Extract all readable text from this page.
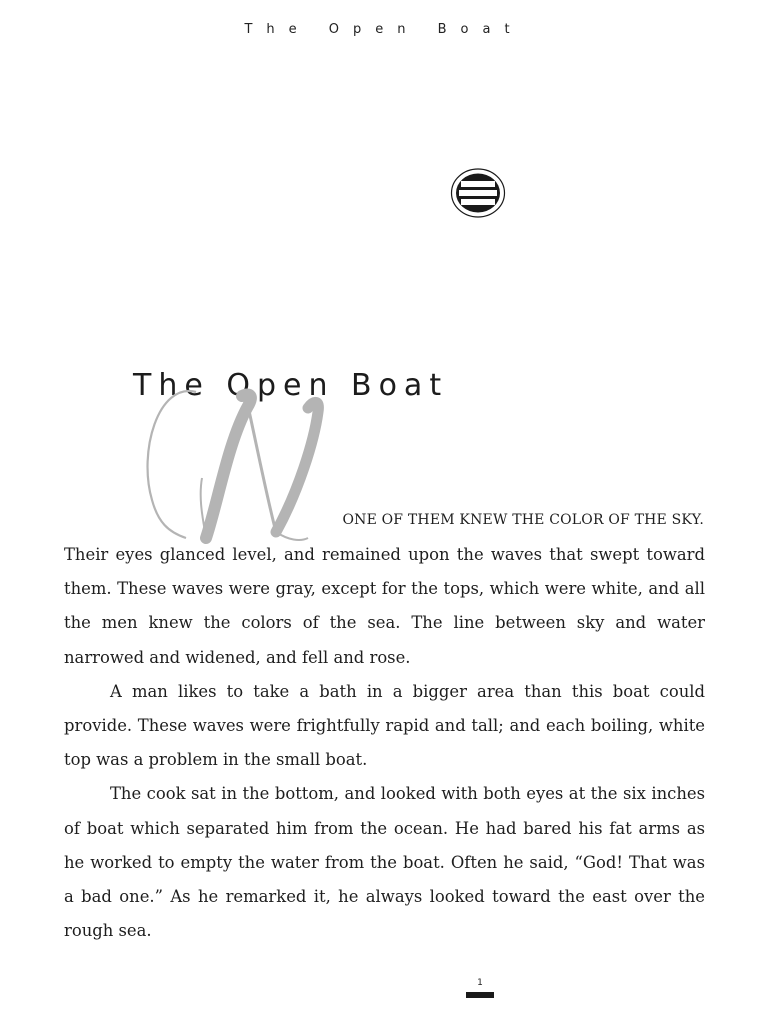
The Open Boat
The Open Boat
ONE OF THEM KNEW THE COLOR OF THE SKY.

Their eyes glanced level, and remained upon the waves that swept toward them. These waves were gray, except for the tops, which were white, and all the men knew the colors of the sea. The line between sky and water narrowed and widened, and fell and rose.

A man likes to take a bath in a bigger area than this boat could provide. These waves were frightfully rapid and tall; and each boiling, white top was a problem in the small boat.

The cook sat in the bottom, and looked with both eyes at the six inches of boat which separated him from the ocean. He had bared his fat arms as he worked to empty the water from the boat. Often he said, “God! That was a bad one.” As he remarked it, he always looked toward the east over the rough sea.

1
